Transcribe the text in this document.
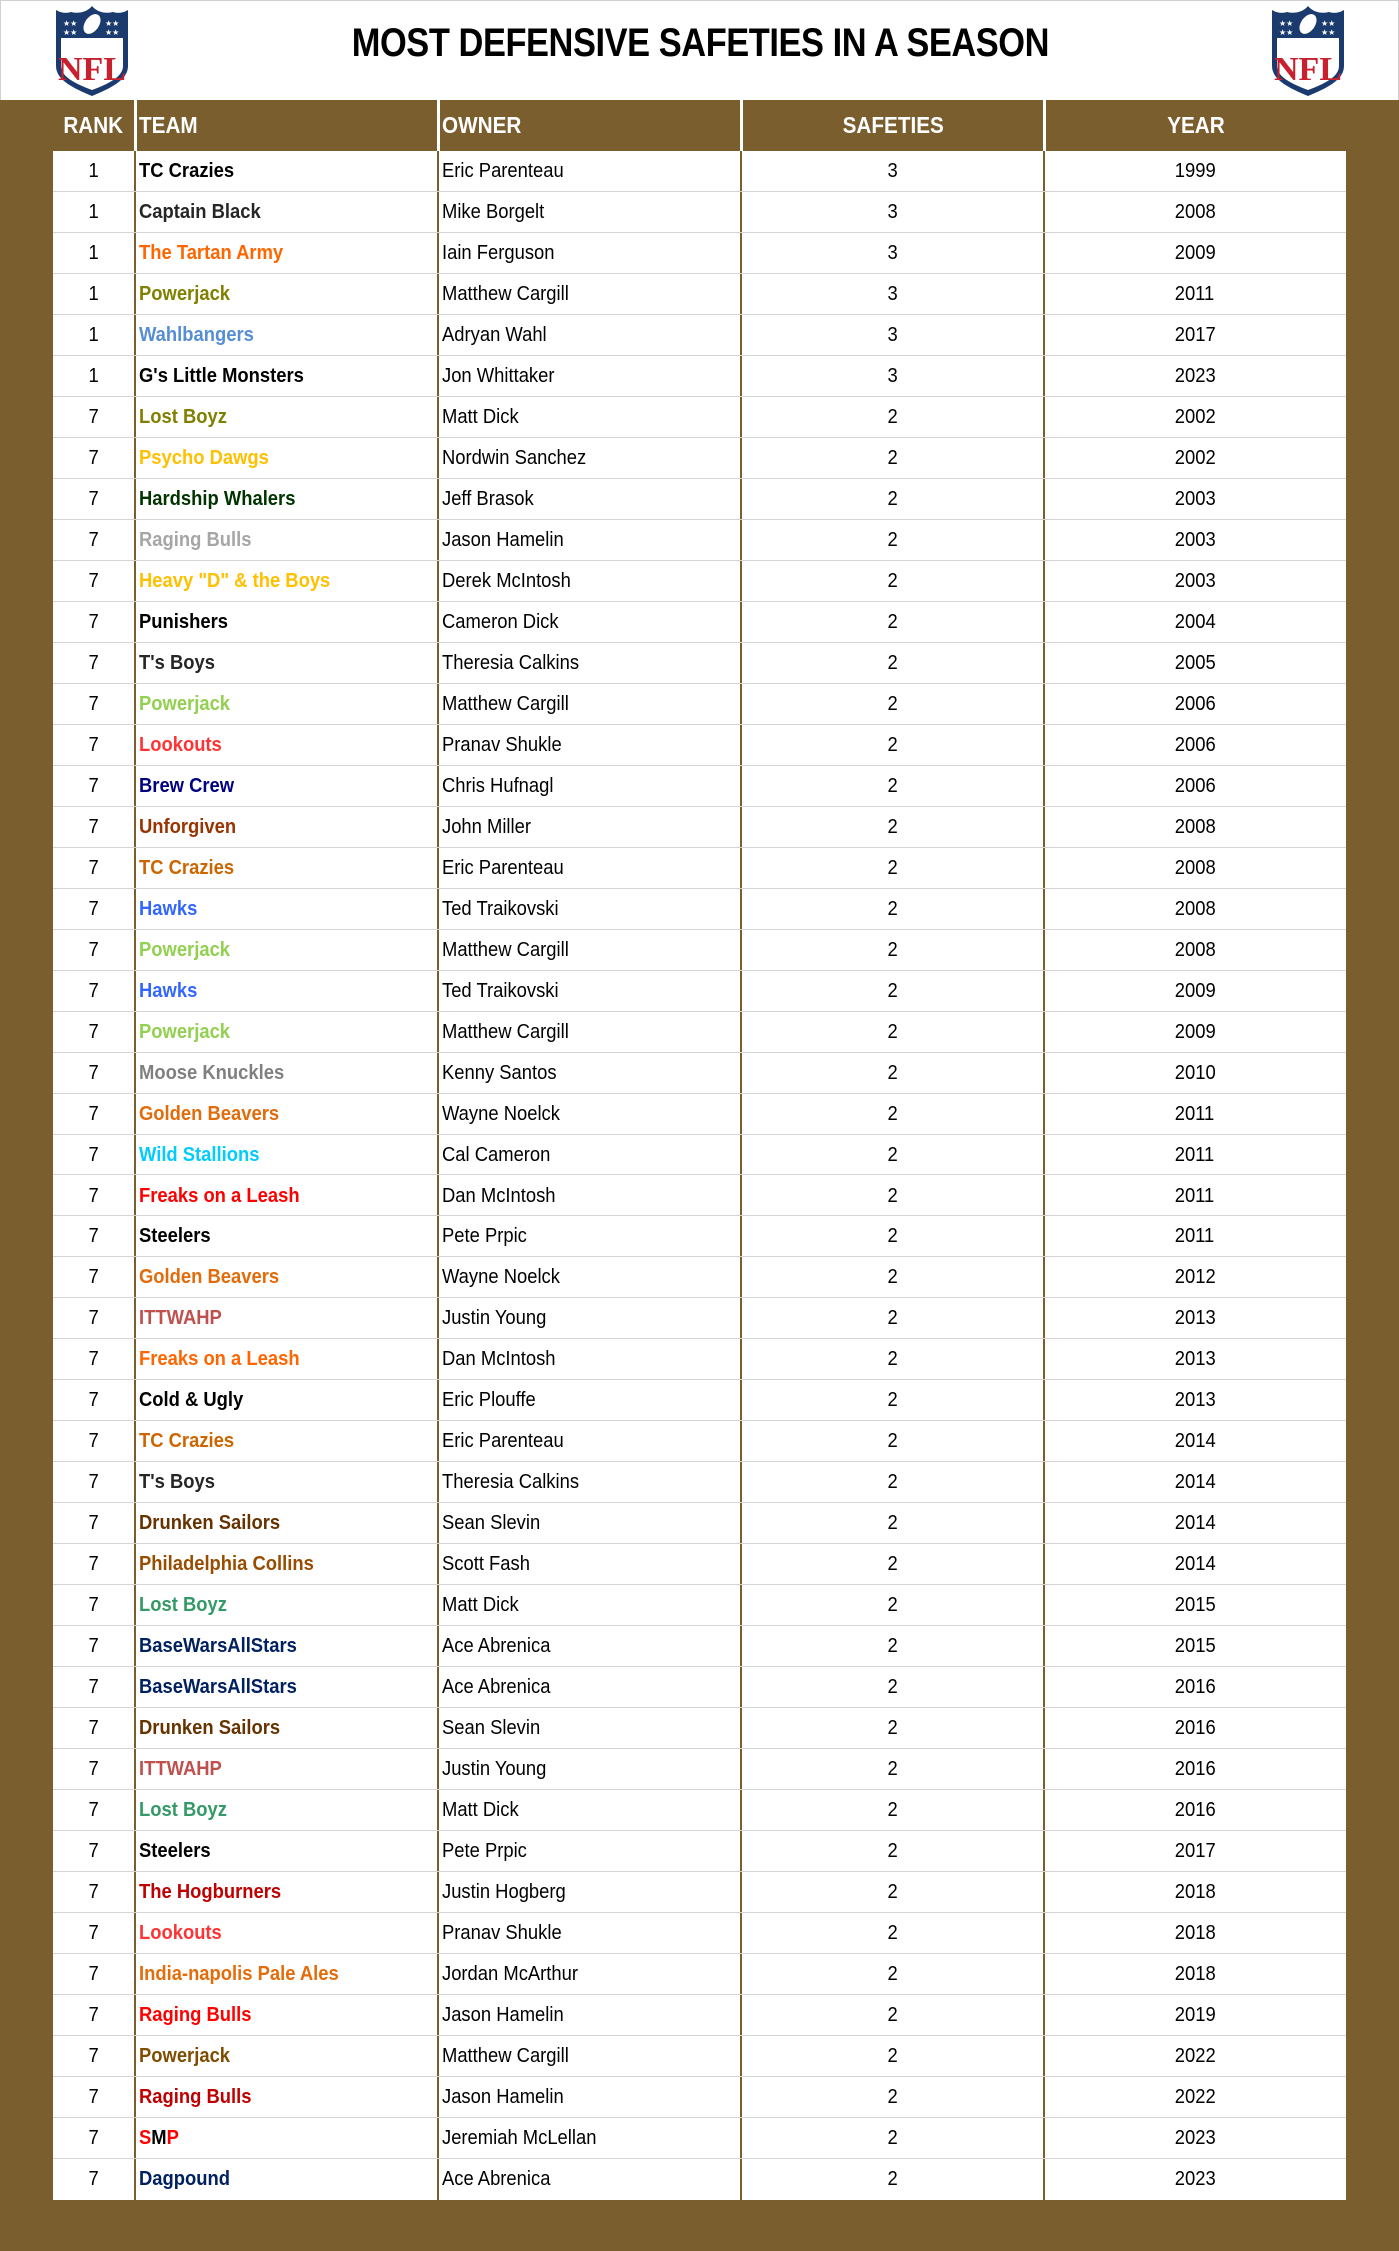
NFL
★★	★★
★★	★★
NFL
★★	★★
★★	★★
MOST DEFENSIVE SAFETIES IN A SEASON
RANK TEAM	OWNER	SAFETIES	YEAR
1	TC Crazies	Eric Parenteau	3	1999
1	Captain Black	Mike Borgelt	3	2008
1	The Tartan Army	Iain Ferguson	3	2009
1	Powerjack	Matthew Cargill	3	2011
1	Wahlbangers	Adryan Wahl	3	2017
1	G's Little Monsters	Jon Whittaker	3	2023
7	Lost Boyz	Matt Dick	2	2002
7	Psycho Dawgs	Nordwin Sanchez	2	2002
7	Hardship Whalers	Jeff Brasok	2	2003
7	Raging Bulls	Jason Hamelin	2	2003
7	Heavy "D" & the Boys	Derek McIntosh	2	2003
7	Punishers	Cameron Dick	2	2004
7	T's Boys	Theresia Calkins	2	2005
7	Powerjack	Matthew Cargill	2	2006
7	Lookouts	Pranav Shukle	2	2006
7	Brew Crew	Chris Hufnagl	2	2006
7	Unforgiven	John Miller	2	2008
7	TC Crazies	Eric Parenteau	2	2008
7	Hawks	Ted Traikovski	2	2008
7	Powerjack	Matthew Cargill	2	2008
7	Hawks	Ted Traikovski	2	2009
7	Powerjack	Matthew Cargill	2	2009
7	Moose Knuckles	Kenny Santos	2	2010
7	Golden Beavers	Wayne Noelck	2	2011
7	Wild Stallions	Cal Cameron	2	2011
7	Freaks on a Leash	Dan McIntosh	2	2011
7	Steelers	Pete Prpic	2	2011
7	Golden Beavers	Wayne Noelck	2	2012
7	ITTWAHP	Justin Young	2	2013
7	Freaks on a Leash	Dan McIntosh	2	2013
7	Cold & Ugly	Eric Plouffe	2	2013
7	TC Crazies	Eric Parenteau	2	2014
7	T's Boys	Theresia Calkins	2	2014
7	Drunken Sailors	Sean Slevin	2	2014
7	Philadelphia Collins	Scott Fash	2	2014
7	Lost Boyz	Matt Dick	2	2015
7	BaseWarsAllStars	Ace Abrenica	2	2015
7	BaseWarsAllStars	Ace Abrenica	2	2016
7	Drunken Sailors	Sean Slevin	2	2016
7	ITTWAHP	Justin Young	2	2016
7	Lost Boyz	Matt Dick	2	2016
7	Steelers	Pete Prpic	2	2017
7	The Hogburners	Justin Hogberg	2	2018
7	Lookouts	Pranav Shukle	2	2018
7	India-napolis Pale Ales	Jordan McArthur	2	2018
7	Raging Bulls	Jason Hamelin	2	2019
7	Powerjack	Matthew Cargill	2	2022
7	Raging Bulls	Jason Hamelin	2	2022
7	SMP	Jeremiah McLellan	2	2023
7	Dagpound	Ace Abrenica	2	2023
